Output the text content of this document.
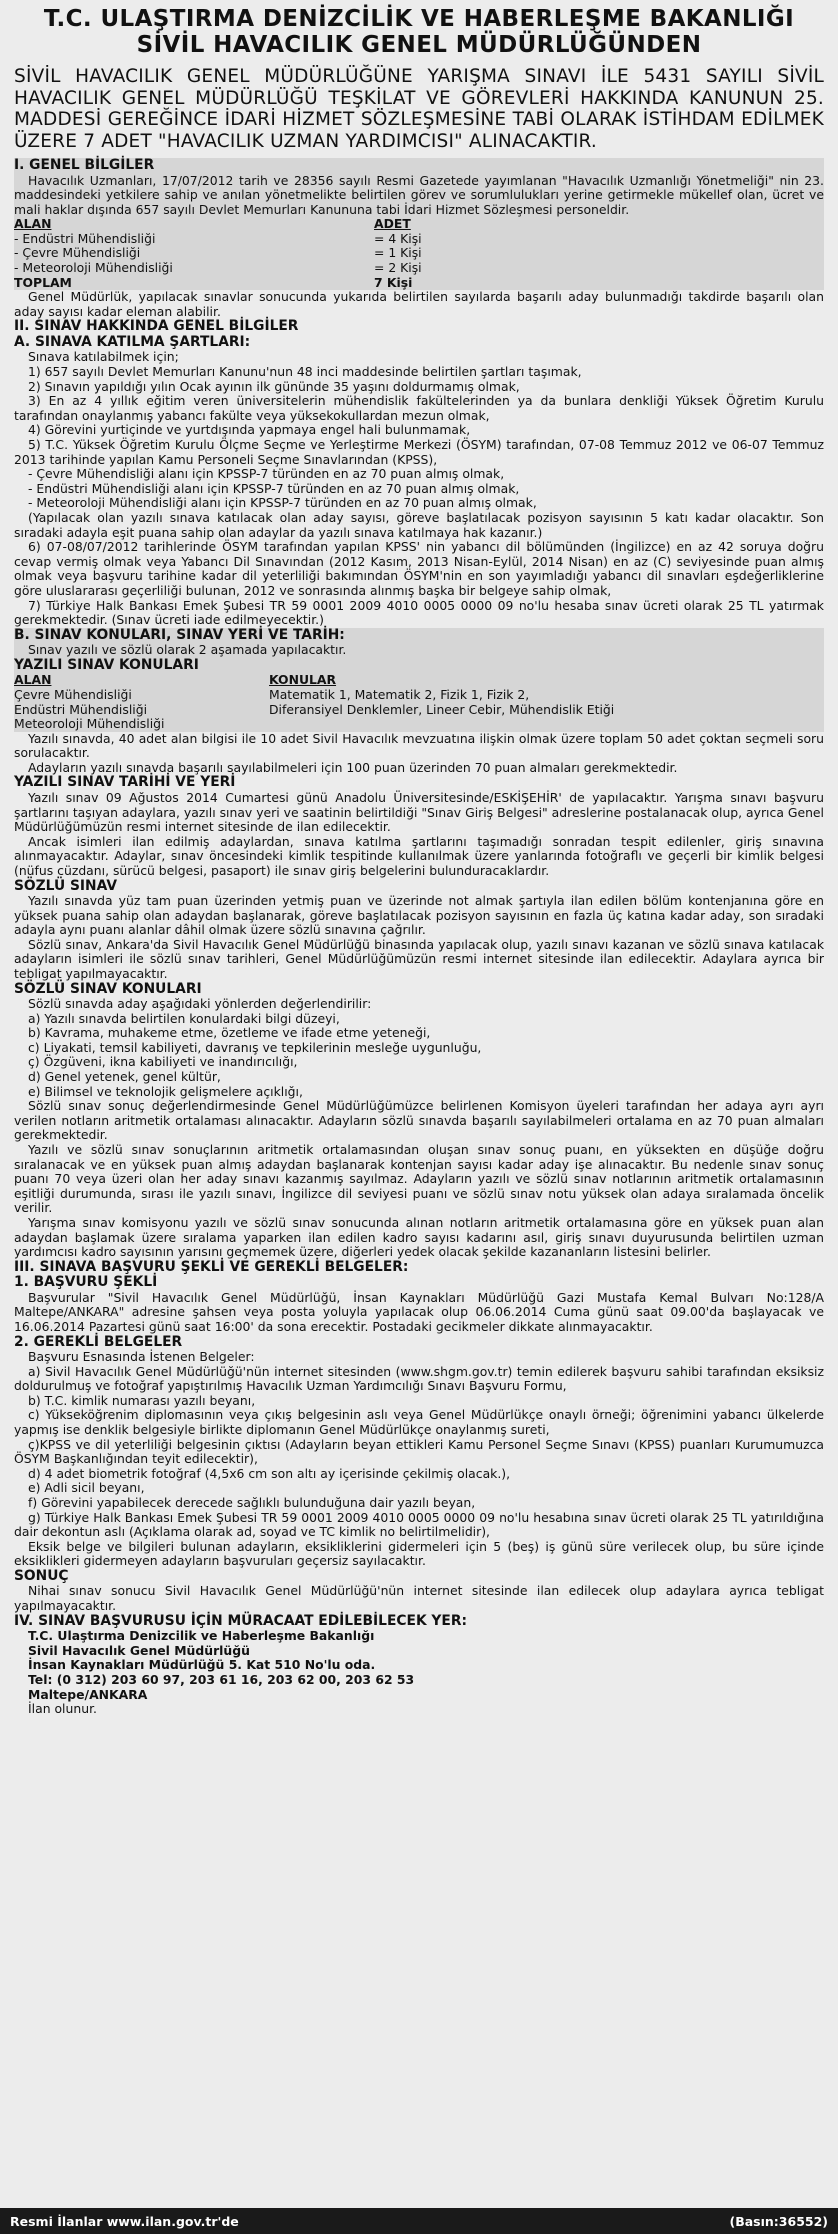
T.C. ULAŞTIRMA DENİZCİLİK VE HABERLEŞME BAKANLIĞI

SİVİL HAVACILIK GENEL MÜDÜRLÜĞÜNDEN

SİVİL HAVACILIK GENEL MÜDÜRLÜĞÜNE YARIŞMA SINAVI İLE 5431 SAYILI SİVİL HAVACILIK GENEL MÜDÜRLÜĞÜ TEŞKİLAT VE GÖREVLERİ HAKKINDA KANUNUN 25. MADDESİ GEREĞİNCE İDARİ HİZMET SÖZLEŞMESİNE TABİ OLARAK İSTİHDAM EDİLMEK ÜZERE 7 ADET "HAVACILIK UZMAN YARDIMCISI" ALINACAKTIR.

I. GENEL BİLGİLER

Havacılık Uzmanları, 17/07/2012 tarih ve 28356 sayılı Resmi Gazetede yayımlanan "Havacılık Uzmanlığı Yönetmeliği" nin 23. maddesindeki yetkilere sahip ve anılan yönetmelikte belirtilen görev ve sorumlulukları yerine getirmekle mükellef olan, ücret ve mali haklar dışında 657 sayılı Devlet Memurları Kanununa tabi İdari Hizmet Sözleşmesi personeldir.

ALAN	ADET
- Endüstri Mühendisliği	= 4 Kişi
- Çevre Mühendisliği	= 1 Kişi
- Meteoroloji Mühendisliği	= 2 Kişi
TOPLAM	7 Kişi

Genel Müdürlük, yapılacak sınavlar sonucunda yukarıda belirtilen sayılarda başarılı aday bulunmadığı takdirde başarılı olan aday sayısı kadar eleman alabilir.

II. SINAV HAKKINDA GENEL BİLGİLER

A. SINAVA KATILMA ŞARTLARI:

Sınava katılabilmek için;

1) 657 sayılı Devlet Memurları Kanunu'nun 48 inci maddesinde belirtilen şartları taşımak,

2) Sınavın yapıldığı yılın Ocak ayının ilk gününde 35 yaşını doldurmamış olmak,

3) En az 4 yıllık eğitim veren üniversitelerin mühendislik fakültelerinden ya da bunlara denkliği Yüksek Öğretim Kurulu tarafından onaylanmış yabancı fakülte veya yüksekokullardan mezun olmak,

4) Görevini yurtiçinde ve yurtdışında yapmaya engel hali bulunmamak,

5) T.C. Yüksek Öğretim Kurulu Ölçme Seçme ve Yerleştirme Merkezi (ÖSYM) tarafından, 07-08 Temmuz 2012 ve 06-07 Temmuz 2013 tarihinde yapılan Kamu Personeli Seçme Sınavlarından (KPSS),

- Çevre Mühendisliği alanı için KPSSP-7 türünden en az 70 puan almış olmak,

- Endüstri Mühendisliği alanı için KPSSP-7 türünden en az 70 puan almış olmak,

- Meteoroloji Mühendisliği alanı için KPSSP-7 türünden en az 70 puan almış olmak,

(Yapılacak olan yazılı sınava katılacak olan aday sayısı, göreve başlatılacak pozisyon sayısının 5 katı kadar olacaktır. Son sıradaki adayla eşit puana sahip olan adaylar da yazılı sınava katılmaya hak kazanır.)

6) 07-08/07/2012 tarihlerinde ÖSYM tarafından yapılan KPSS' nin yabancı dil bölümünden (İngilizce) en az 42 soruya doğru cevap vermiş olmak veya Yabancı Dil Sınavından (2012 Kasım, 2013 Nisan-Eylül, 2014 Nisan) en az (C) seviyesinde puan almış olmak veya başvuru tarihine kadar dil yeterliliği bakımından ÖSYM'nin en son yayımladığı yabancı dil sınavları eşdeğerliklerine göre uluslararası geçerliliği bulunan, 2012 ve sonrasında alınmış başka bir belgeye sahip olmak,

7) Türkiye Halk Bankası Emek Şubesi TR 59 0001 2009 4010 0005 0000 09 no'lu hesaba sınav ücreti olarak 25 TL yatırmak gerekmektedir. (Sınav ücreti iade edilmeyecektir.)

B. SINAV KONULARI, SINAV YERİ VE TARİH:

Sınav yazılı ve sözlü olarak 2 aşamada yapılacaktır.

YAZILI SINAV KONULARI

ALAN	KONULAR
Çevre Mühendisliği	Matematik 1, Matematik 2, Fizik 1, Fizik 2,
Endüstri Mühendisliği	Diferansiyel Denklemler, Lineer Cebir, Mühendislik Etiği
Meteoroloji Mühendisliği	

Yazılı sınavda, 40 adet alan bilgisi ile 10 adet Sivil Havacılık mevzuatına ilişkin olmak üzere toplam 50 adet çoktan seçmeli soru sorulacaktır.

Adayların yazılı sınavda başarılı sayılabilmeleri için 100 puan üzerinden 70 puan almaları gerekmektedir.

YAZILI SINAV TARİHİ VE YERİ

Yazılı sınav 09 Ağustos 2014 Cumartesi günü Anadolu Üniversitesinde/ESKİŞEHİR' de yapılacaktır. Yarışma sınavı başvuru şartlarını taşıyan adaylara, yazılı sınav yeri ve saatinin belirtildiği "Sınav Giriş Belgesi" adreslerine postalanacak olup, ayrıca Genel Müdürlüğümüzün resmi internet sitesinde de ilan edilecektir.

Ancak isimleri ilan edilmiş adaylardan, sınava katılma şartlarını taşımadığı sonradan tespit edilenler, giriş sınavına alınmayacaktır. Adaylar, sınav öncesindeki kimlik tespitinde kullanılmak üzere yanlarında fotoğraflı ve geçerli bir kimlik belgesi (nüfus cüzdanı, sürücü belgesi, pasaport) ile sınav giriş belgelerini bulunduracaklardır.

SÖZLÜ SINAV

Yazılı sınavda yüz tam puan üzerinden yetmiş puan ve üzerinde not almak şartıyla ilan edilen bölüm kontenjanına göre en yüksek puana sahip olan adaydan başlanarak, göreve başlatılacak pozisyon sayısının en fazla üç katına kadar aday, son sıradaki adayla aynı puanı alanlar dâhil olmak üzere sözlü sınavına çağrılır.

Sözlü sınav, Ankara'da Sivil Havacılık Genel Müdürlüğü binasında yapılacak olup, yazılı sınavı kazanan ve sözlü sınava katılacak adayların isimleri ile sözlü sınav tarihleri, Genel Müdürlüğümüzün resmi internet sitesinde ilan edilecektir. Adaylara ayrıca bir tebligat yapılmayacaktır.

SÖZLÜ SINAV KONULARI

Sözlü sınavda aday aşağıdaki yönlerden değerlendirilir:

a) Yazılı sınavda belirtilen konulardaki bilgi düzeyi,

b) Kavrama, muhakeme etme, özetleme ve ifade etme yeteneği,

c) Liyakati, temsil kabiliyeti, davranış ve tepkilerinin mesleğe uygunluğu,

ç) Özgüveni, ikna kabiliyeti ve inandırıcılığı,

d) Genel yetenek, genel kültür,

e) Bilimsel ve teknolojik gelişmelere açıklığı,

Sözlü sınav sonuç değerlendirmesinde Genel Müdürlüğümüzce belirlenen Komisyon üyeleri tarafından her adaya ayrı ayrı verilen notların aritmetik ortalaması alınacaktır. Adayların sözlü sınavda başarılı sayılabilmeleri ortalama en az 70 puan almaları gerekmektedir.

Yazılı ve sözlü sınav sonuçlarının aritmetik ortalamasından oluşan sınav sonuç puanı, en yüksekten en düşüğe doğru sıralanacak ve en yüksek puan almış adaydan başlanarak kontenjan sayısı kadar aday işe alınacaktır. Bu nedenle sınav sonuç puanı 70 veya üzeri olan her aday sınavı kazanmış sayılmaz. Adayların yazılı ve sözlü sınav notlarının aritmetik ortalamasının eşitliği durumunda, sırası ile yazılı sınavı, İngilizce dil seviyesi puanı ve sözlü sınav notu yüksek olan adaya sıralamada öncelik verilir.

Yarışma sınav komisyonu yazılı ve sözlü sınav sonucunda alınan notların aritmetik ortalamasına göre en yüksek puan alan adaydan başlamak üzere sıralama yaparken ilan edilen kadro sayısı kadarını asıl, giriş sınavı duyurusunda belirtilen uzman yardımcısı kadro sayısının yarısını geçmemek üzere, diğerleri yedek olacak şekilde kazananların listesini belirler.

III. SINAVA BAŞVURU ŞEKLİ VE GEREKLİ BELGELER:

1. BAŞVURU ŞEKLİ

Başvurular "Sivil Havacılık Genel Müdürlüğü, İnsan Kaynakları Müdürlüğü Gazi Mustafa Kemal Bulvarı No:128/A Maltepe/ANKARA" adresine şahsen veya posta yoluyla yapılacak olup 06.06.2014 Cuma günü saat 09.00'da başlayacak ve 16.06.2014 Pazartesi günü saat 16:00' da sona erecektir. Postadaki gecikmeler dikkate alınmayacaktır.

2. GEREKLİ BELGELER

Başvuru Esnasında İstenen Belgeler:

a) Sivil Havacılık Genel Müdürlüğü'nün internet sitesinden (www.shgm.gov.tr) temin edilerek başvuru sahibi tarafından eksiksiz doldurulmuş ve fotoğraf yapıştırılmış Havacılık Uzman Yardımcılığı Sınavı Başvuru Formu,

b) T.C. kimlik numarası yazılı beyanı,

c) Yükseköğrenim diplomasının veya çıkış belgesinin aslı veya Genel Müdürlükçe onaylı örneği; öğrenimini yabancı ülkelerde yapmış ise denklik belgesiyle birlikte diplomanın Genel Müdürlükçe onaylanmış sureti,

ç)KPSS ve dil yeterliliği belgesinin çıktısı (Adayların beyan ettikleri Kamu Personel Seçme Sınavı (KPSS) puanları Kurumumuzca ÖSYM Başkanlığından teyit edilecektir),

d) 4 adet biometrik fotoğraf (4,5x6 cm son altı ay içerisinde çekilmiş olacak.),

e) Adli sicil beyanı,

f) Görevini yapabilecek derecede sağlıklı bulunduğuna dair yazılı beyan,

g) Türkiye Halk Bankası Emek Şubesi TR 59 0001 2009 4010 0005 0000 09 no'lu hesabına sınav ücreti olarak 25 TL yatırıldığına dair dekontun aslı (Açıklama olarak ad, soyad ve TC kimlik no belirtilmelidir),

Eksik belge ve bilgileri bulunan adayların, eksikliklerini gidermeleri için 5 (beş) iş günü süre verilecek olup, bu süre içinde eksiklikleri gidermeyen adayların başvuruları geçersiz sayılacaktır.

SONUÇ

Nihai sınav sonucu Sivil Havacılık Genel Müdürlüğü'nün internet sitesinde ilan edilecek olup adaylara ayrıca tebligat yapılmayacaktır.

IV. SINAV BAŞVURUSU İÇİN MÜRACAAT EDİLEBİLECEK YER:

T.C. Ulaştırma Denizcilik ve Haberleşme Bakanlığı

Sivil Havacılık Genel Müdürlüğü

İnsan Kaynakları Müdürlüğü 5. Kat 510 No'lu oda.

Tel: (0 312) 203 60 97, 203 61 16, 203 62 00, 203 62 53

Maltepe/ANKARA

İlan olunur.

Resmi İlanlar www.ilan.gov.tr'de	(Basın:36552)
